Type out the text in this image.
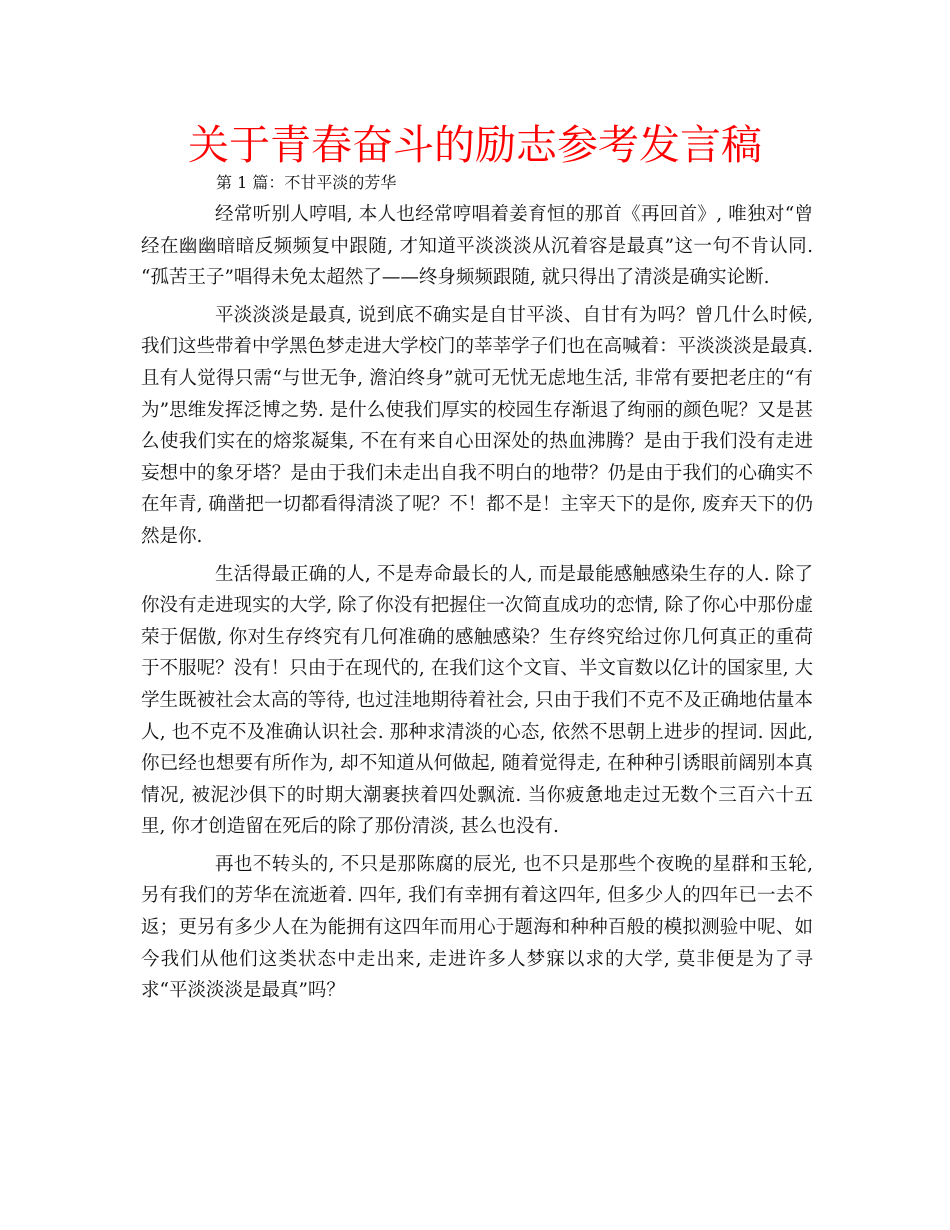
关于青春奋斗的励志参考发言稿
第 1 篇：不甘平淡的芳华

经常听别人哼唱, 本人也经常哼唱着姜育恒的那首《再回首》, 唯独对“曾经在幽幽暗暗反频频复中跟随, 才知道平淡淡淡从沉着容是最真”这一句不肯认同. “孤苦王子”唱得未免太超然了——终身频频跟随, 就只得出了清淡是确实论断.

平淡淡淡是最真, 说到底不确实是自甘平淡、自甘有为吗？曾几什么时候, 我们这些带着中学黑色梦走进大学校门的莘莘学子们也在高喊着：平淡淡淡是最真. 且有人觉得只需“与世无争, 澹泊终身”就可无忧无虑地生活, 非常有要把老庄的“有为”思维发挥泛博之势. 是什么使我们厚实的校园生存渐退了绚丽的颜色呢？又是甚么使我们实在的熔浆凝集, 不在有来自心田深处的热血沸腾？是由于我们没有走进妄想中的象牙塔？是由于我们未走出自我不明白的地带？仍是由于我们的心确实不在年青, 确凿把一切都看得清淡了呢？不！都不是！主宰天下的是你, 废弃天下的仍然是你.

生活得最正确的人, 不是寿命最长的人, 而是最能感触感染生存的人. 除了你没有走进现实的大学, 除了你没有把握住一次简直成功的恋情, 除了你心中那份虚荣于倨傲, 你对生存终究有几何准确的感触感染？生存终究给过你几何真正的重荷于不服呢？没有！只由于在现代的, 在我们这个文盲、半文盲数以亿计的国家里, 大学生既被社会太高的等待, 也过洼地期待着社会, 只由于我们不克不及正确地估量本人, 也不克不及准确认识社会. 那种求清淡的心态, 依然不思朝上进步的捏词. 因此, 你已经也想要有所作为, 却不知道从何做起, 随着觉得走, 在种种引诱眼前阔别本真情况, 被泥沙俱下的时期大潮裹挟着四处飘流. 当你疲惫地走过无数个三百六十五里, 你才创造留在死后的除了那份清淡, 甚么也没有.

再也不转头的, 不只是那陈腐的辰光, 也不只是那些个夜晚的星群和玉轮, 另有我们的芳华在流逝着. 四年, 我们有幸拥有着这四年, 但多少人的四年已一去不返；更另有多少人在为能拥有这四年而用心于题海和种种百般的模拟测验中呢、如今我们从他们这类状态中走出来, 走进许多人梦寐以求的大学, 莫非便是为了寻求“平淡淡淡是最真”吗？
